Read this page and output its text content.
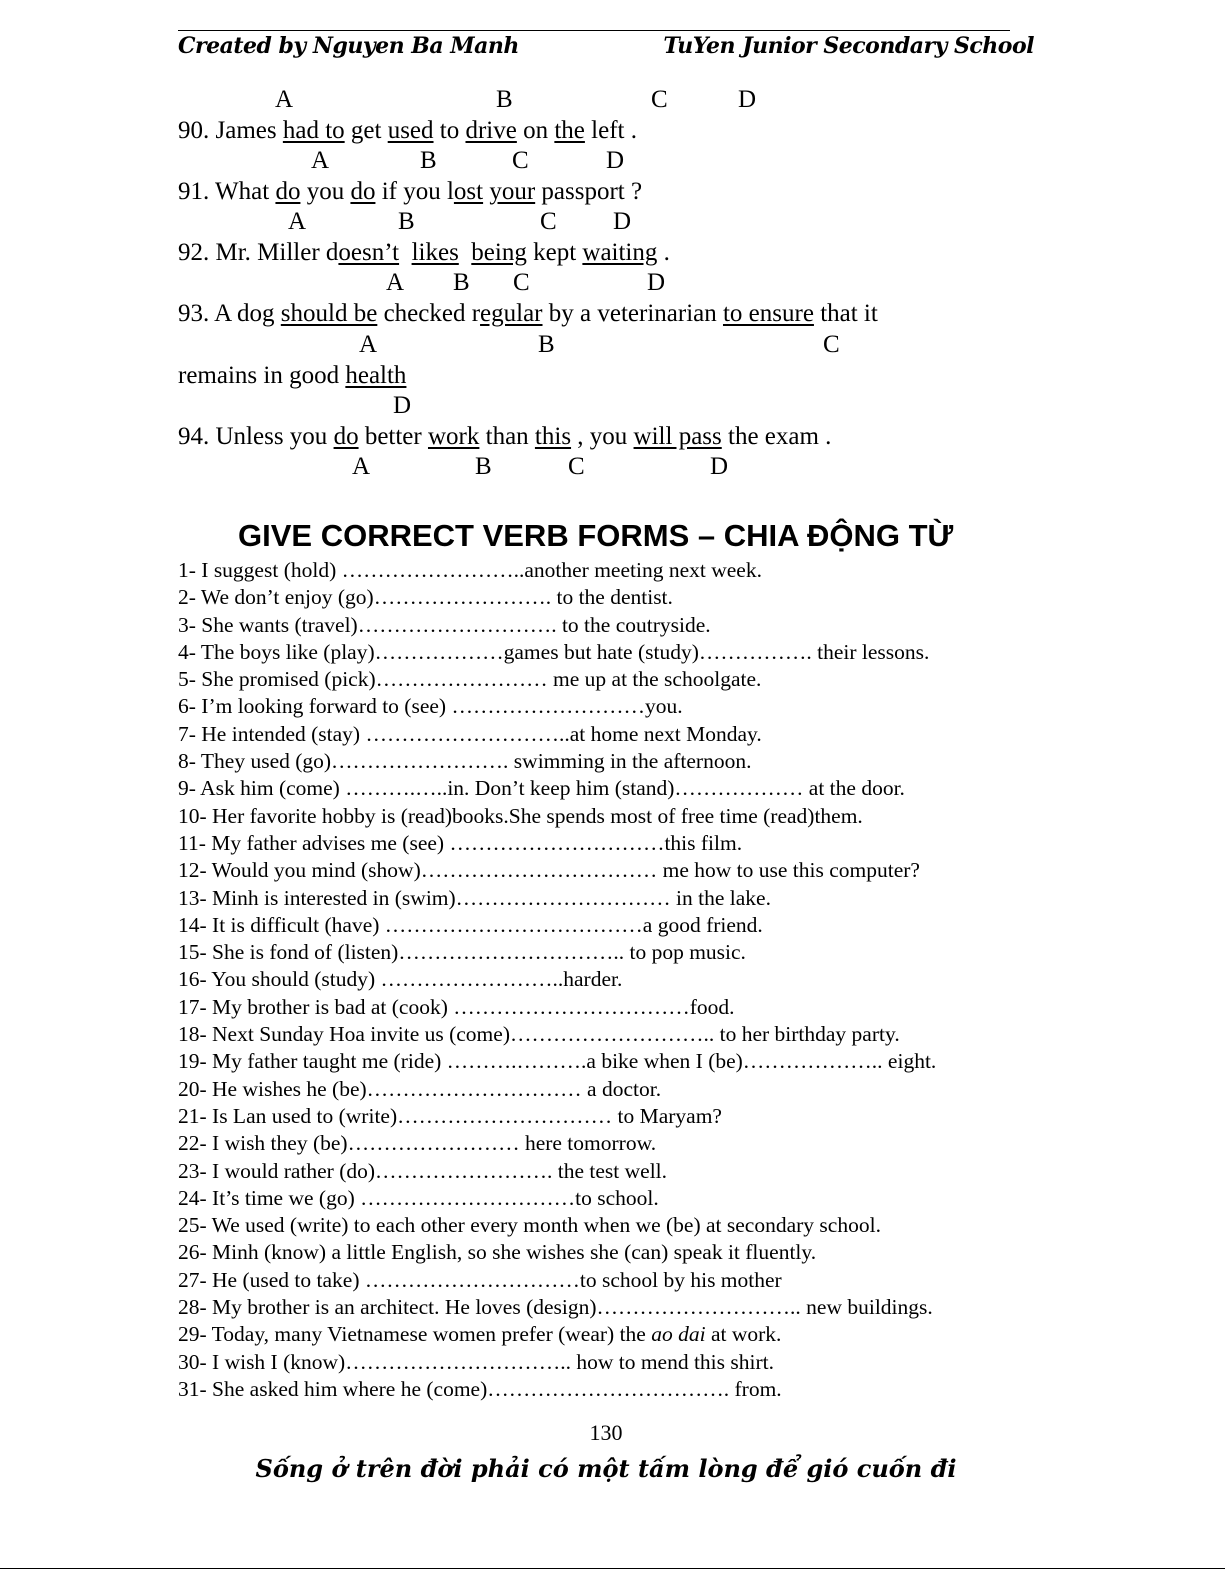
Created by Nguyen Ba Manh	TuYen Junior Secondary School
A	B	C	D
90. James had to get used to drive on the left .
A	B	C	D
91. What do you do if you lost your passport ?
A	B	C D
92. Mr. Miller doesn’t likes being kept waiting .
A B C	D
93. A dog should be checked regular by a veterinarian to ensure that it
A	B	C
remains in good health
D
94. Unless you do better work than this , you will pass the exam .
A	B	C	D
GIVE CORRECT VERB FORMS – CHIA ĐỘNG TỪ
1- I suggest (hold) ……………………..another meeting next week.
2- We don’t enjoy (go)……………………. to the dentist.
3- She wants (travel)………………………. to the coutryside.
4- The boys like (play)………………games but hate (study)……………. their lessons.
5- She promised (pick)…………………… me up at the schoolgate.
6- I’m looking forward to (see) ………………………you.
7- He intended (stay) ………………………..at home next Monday.
8- They used (go)……………………. swimming in the afternoon.
9- Ask him (come) ……….…..in. Don’t keep him (stand)……………… at the door.
10- Her favorite hobby is (read)books.She spends most of free time (read)them.
11- My father advises me (see) …………………………this film.
12- Would you mind (show)…………………………… me how to use this computer?
13- Minh is interested in (swim)………………………… in the lake.
14- It is difficult (have) ………………………………a good friend.
15- She is fond of (listen)………………………….. to pop music.
16- You should (study) ……………………..harder.
17- My brother is bad at (cook) ……………………………food.
18- Next Sunday Hoa invite us (come)……………………….. to her birthday party.
19- My father taught me (ride) ……….……….a bike when I (be)……………….. eight.
20- He wishes he (be)………………………… a doctor.
21- Is Lan used to (write)………………………… to Maryam?
22- I wish they (be)…………………… here tomorrow.
23- I would rather (do)……………………. the test well.
24- It’s time we (go) …………………………to school.
25- We used (write) to each other every month when we (be) at secondary school.
26- Minh (know) a little English, so she wishes she (can) speak it fluently.
27- He (used to take) …………………………to school by his mother
28- My brother is an architect. He loves (design)……………………….. new buildings.
29- Today, many Vietnamese women prefer (wear) the ao dai at work.
30- I wish I (know)………………………….. how to mend this shirt.
31- She asked him where he (come)……………………………. from.
130
Sống ở trên đời phải có một tấm lòng để gió cuốn đi
